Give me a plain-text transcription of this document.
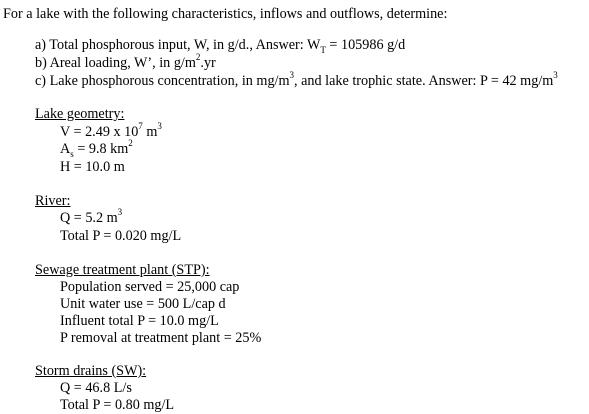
For a lake with the following characteristics, inflows and outflows, determine:
a) Total phosphorous input, W, in g/d., Answer: $W_T = 105986$ g/d
b) Areal loading, W’, in $g/m^2.yr$
c) Lake phosphorous concentration, in $mg/m^3$, and lake trophic state. Answer: P = 42 $mg/m^3$
Lake geometry:
V = 2.49 x $10^7$ $m^3$
$A_s = 9.8$ $km^2$
H = 10.0 m
River:
Q = 5.2 $m^3$
Total P = 0.020 mg/L
Sewage treatment plant (STP):
Population served = 25,000 cap
Unit water use = 500 L/cap d
Influent total P = 10.0 mg/L
P removal at treatment plant = 25%
Storm drains (SW):
Q = 46.8 L/s
Total P = 0.80 mg/L
